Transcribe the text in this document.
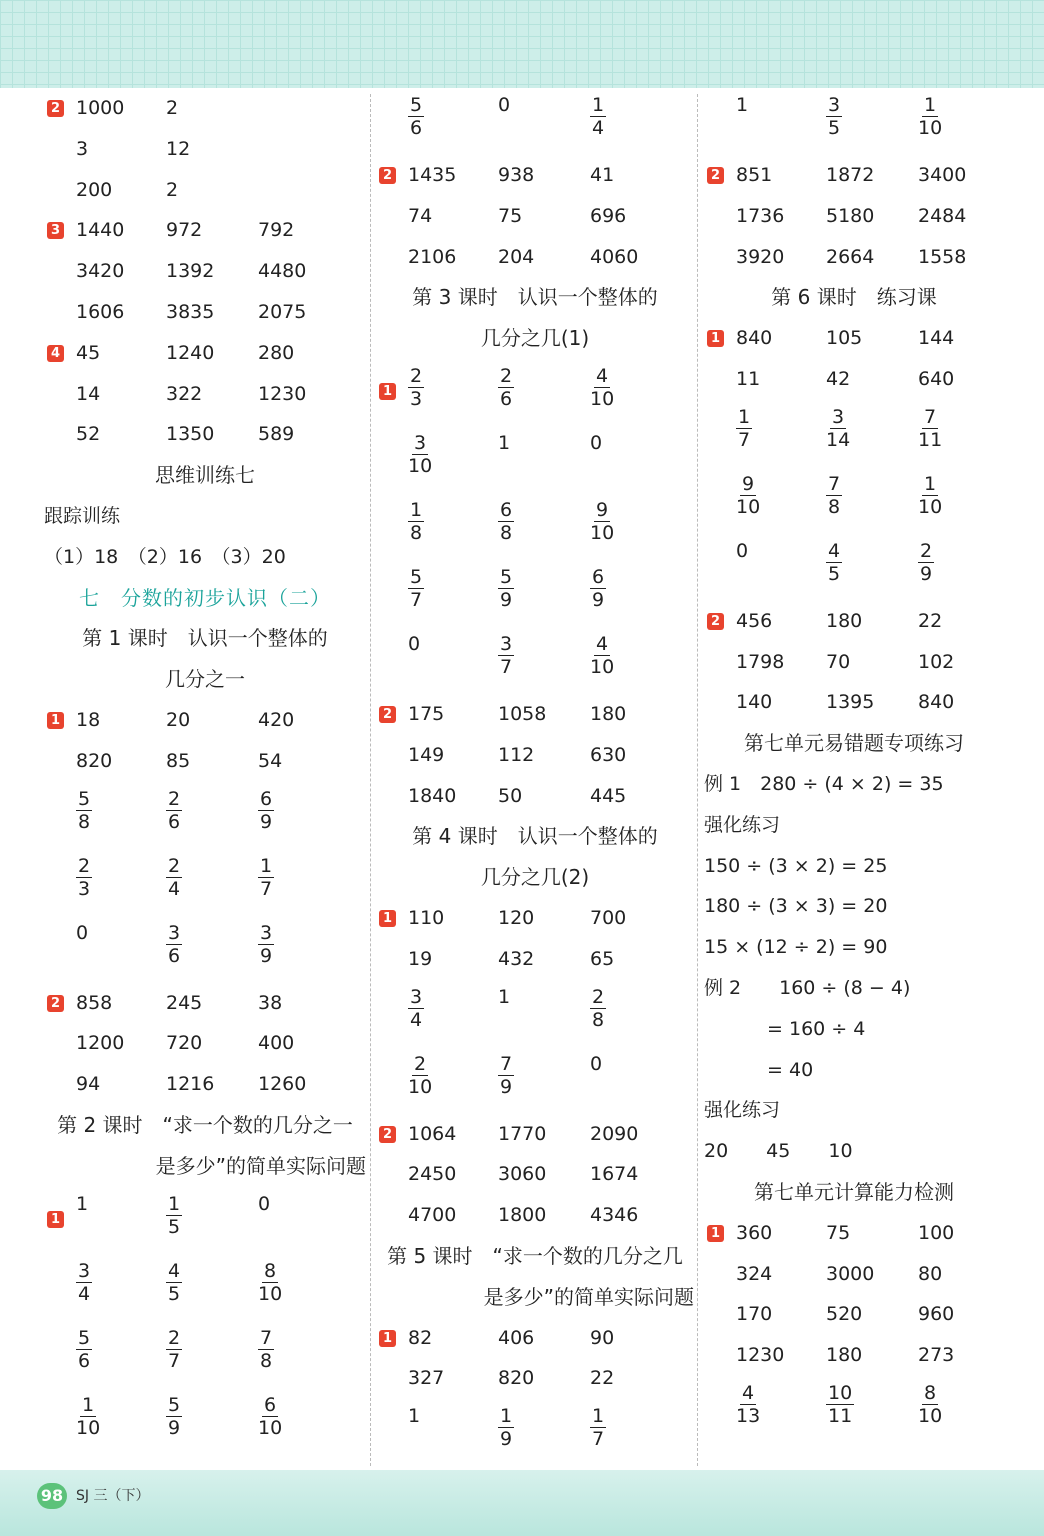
2 1000 2
3	12
200	2
3 1440 972	792
3420 1392 4480
1606 3835 2075
4 45	1240 280
14	322	1230
52	1350 589
思维训练七
跟踪训练
（1）18　（2）16　（3）20
七　分数的初步认识（二）
第 1 课时　认识一个整体的
几分之一
1 18	20	420
820	85	54
$\frac{5}{8}$	$\frac{2}{6}$	$\frac{6}{9}$
$\frac{2}{3}$	$\frac{2}{4}$	$\frac{1}{7}$
0	$\frac{3}{6}$	$\frac{3}{9}$
2 858	245	38
1200 720	400
94	1216 1260
第 2 课时　“求一个数的几分之一
是多少”的简单实际问题
1
1	$\frac{1}{5}$	0
$\frac{3}{4}$	$\frac{4}{5}$	$\frac{8}{10}$
$\frac{5}{6}$	$\frac{2}{7}$	$\frac{7}{8}$
$\frac{1}{10}$	$\frac{5}{9}$	$\frac{6}{10}$
$\frac{5}{6}$	0	$\frac{1}{4}$
2 1435 938	41
74	75	696
2106 204	4060
第 3 课时　认识一个整体的
几分之几(1)
$1 \frac{2}{3}$	$\frac{2}{6}$	$\frac{4}{10}$
$\frac{3}{10}$	1	0
$\frac{1}{8}$	$\frac{6}{8}$	$\frac{9}{10}$
$\frac{5}{7}$	$\frac{5}{9}$	$\frac{6}{9}$
0	$\frac{3}{7}$	$\frac{4}{10}$
2 175	1058 180
149	112	630
1840 50	445
第 4 课时　认识一个整体的
几分之几(2)
1 110	120	700
19	432	65
$\frac{3}{4}$	1	$\frac{2}{8}$
$\frac{2}{10}$	$\frac{7}{9}$	0
2 1064 1770 2090
2450 3060 1674
4700 1800 4346
第 5 课时　“求一个数的几分之几
是多少”的简单实际问题
1 82	406	90
327	820	22
1	$\frac{1}{9}$	$\frac{1}{7}$
1	$\frac{3}{5}$	$\frac{1}{10}$
2 851	1872 3400
1736 5180 2484
3920 2664 1558
第 6 课时　练习课
1 840	105	144
11	42	640
$\frac{1}{7}$	$\frac{3}{14}$	$\frac{7}{11}$
$\frac{9}{10}$	$\frac{7}{8}$	$\frac{1}{10}$
0	$\frac{4}{5}$	$\frac{2}{9}$
2 456	180	22
1798 70	102
140	1395 840
第七单元易错题专项练习
例 1　280 ÷ (4 × 2) = 35
强化练习
150 ÷ (3 × 2) = 25
180 ÷ (3 × 3) = 20
15 × (12 ÷ 2) = 90
例 2　　160 ÷ (8 − 4)
　　　 = 160 ÷ 4
　　　 = 40
强化练习
20　　45　　10
第七单元计算能力检测
1 360	75	100
324	3000 80
170	520	960
1230 180	273
$\frac{4}{13}$	$\frac{10}{11}$	$\frac{8}{10}$
98 SJ 三（下）
